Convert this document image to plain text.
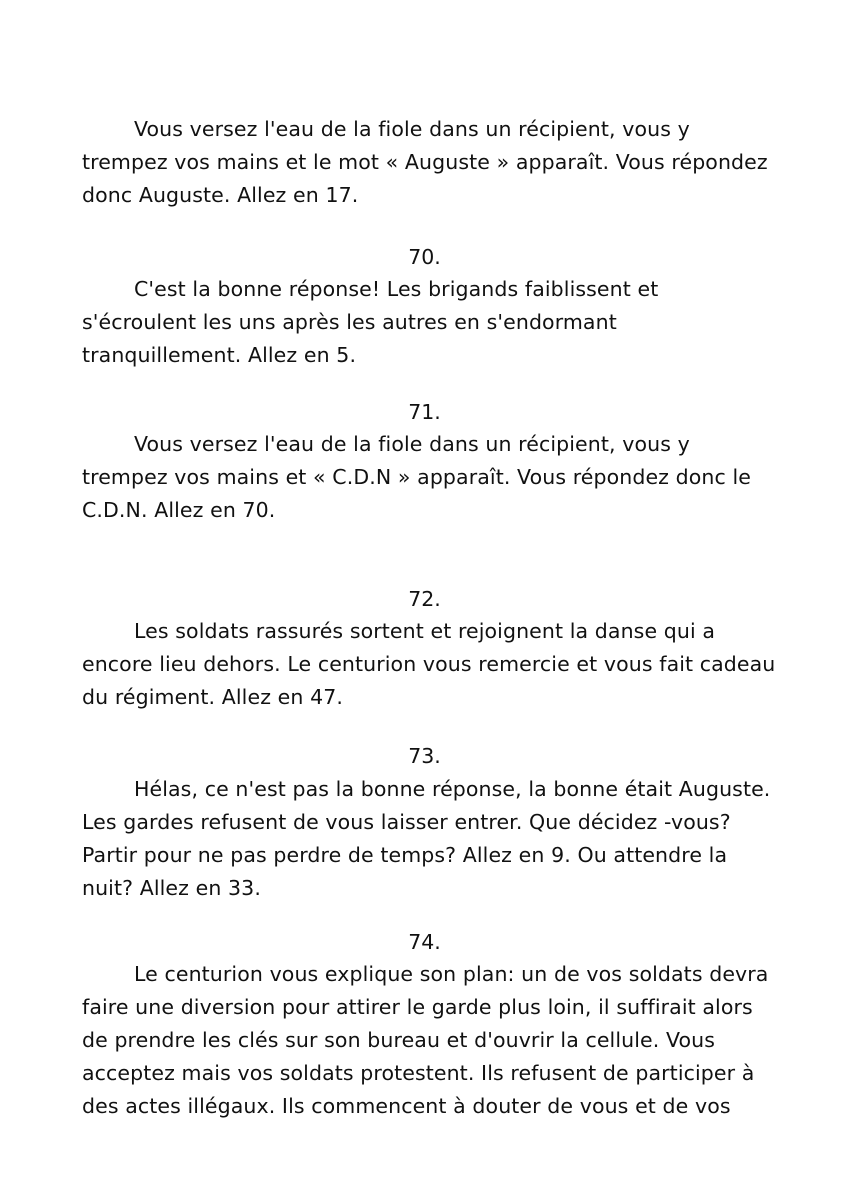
Vous versez l'eau de la fiole dans un récipient, vous y
trempez vos mains et le mot « Auguste » apparaît. Vous répondez
donc Auguste. Allez en 17.
70.
C'est la bonne réponse! Les brigands faiblissent et
s'écroulent les uns après les autres en s'endormant
tranquillement. Allez en 5.
71.
Vous versez l'eau de la fiole dans un récipient, vous y
trempez vos mains et « C.D.N » apparaît. Vous répondez donc le
C.D.N. Allez en 70.
72.
Les soldats rassurés sortent et rejoignent la danse qui a
encore lieu dehors. Le centurion vous remercie et vous fait cadeau
du régiment. Allez en 47.
73.
Hélas, ce n'est pas la bonne réponse, la bonne était Auguste.
Les gardes refusent de vous laisser entrer. Que décidez -vous?
Partir pour ne pas perdre de temps? Allez en 9. Ou attendre la
nuit? Allez en 33.
74.
Le centurion vous explique son plan: un de vos soldats devra
faire une diversion pour attirer le garde plus loin, il suffirait alors
de prendre les clés sur son bureau et d'ouvrir la cellule. Vous
acceptez mais vos soldats protestent. Ils refusent de participer à
des actes illégaux. Ils commencent à douter de vous et de vos
